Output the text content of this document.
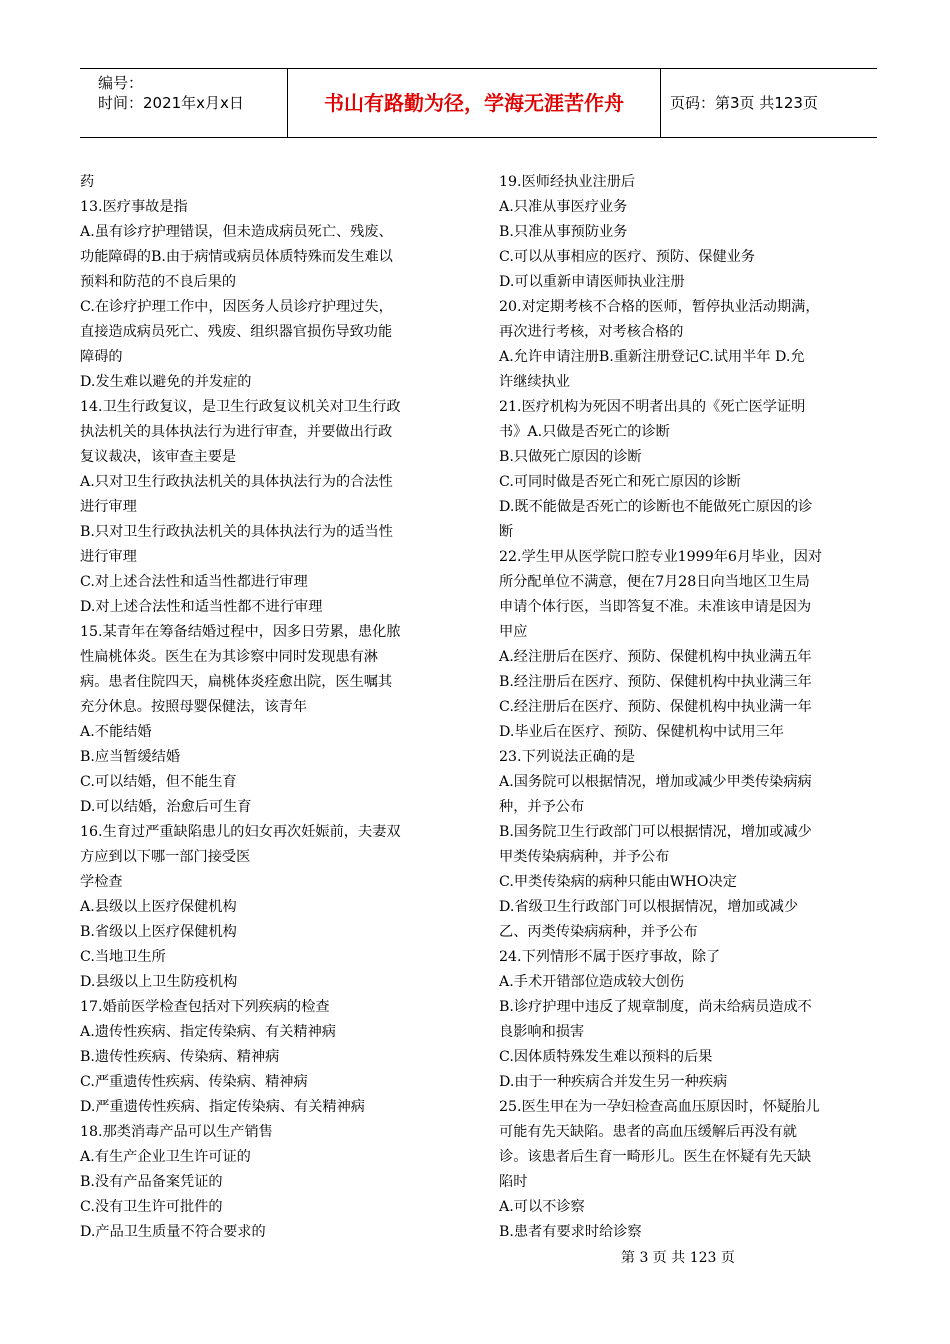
编号：
时间：2021年x月x日	书山有路勤为径，学海无涯苦作舟	页码：第3页 共123页

药

13.医疗事故是指

A.虽有诊疗护理错误，但未造成病员死亡、残废、

功能障碍的B.由于病情或病员体质特殊而发生难以

预料和防范的不良后果的

C.在诊疗护理工作中，因医务人员诊疗护理过失，

直接造成病员死亡、残废、组织器官损伤导致功能

障碍的

D.发生难以避免的并发症的

14.卫生行政复议，是卫生行政复议机关对卫生行政

执法机关的具体执法行为进行审查，并要做出行政

复议裁决，该审查主要是

A.只对卫生行政执法机关的具体执法行为的合法性

进行审理

B.只对卫生行政执法机关的具体执法行为的适当性

进行审理

C.对上述合法性和适当性都进行审理

D.对上述合法性和适当性都不进行审理

15.某青年在筹备结婚过程中，因多日劳累，患化脓

性扁桃体炎。医生在为其诊察中同时发现患有淋

病。患者住院四天，扁桃体炎痊愈出院，医生嘱其

充分休息。按照母婴保健法，该青年

A.不能结婚

B.应当暂缓结婚

C.可以结婚，但不能生育

D.可以结婚，治愈后可生育

16.生育过严重缺陷患儿的妇女再次妊娠前，夫妻双

方应到以下哪一部门接受医

学检查

A.县级以上医疗保健机构

B.省级以上医疗保健机构

C.当地卫生所

D.县级以上卫生防疫机构

17.婚前医学检查包括对下列疾病的检查

A.遗传性疾病、指定传染病、有关精神病

B.遗传性疾病、传染病、精神病

C.严重遗传性疾病、传染病、精神病

D.严重遗传性疾病、指定传染病、有关精神病

18.那类消毒产品可以生产销售

A.有生产企业卫生许可证的

B.没有产品备案凭证的

C.没有卫生许可批件的

D.产品卫生质量不符合要求的

19.医师经执业注册后

A.只准从事医疗业务

B.只准从事预防业务

C.可以从事相应的医疗、预防、保健业务

D.可以重新申请医师执业注册

20.对定期考核不合格的医师，暂停执业活动期满，

再次进行考核，对考核合格的

A.允许申请注册B.重新注册登记C.试用半年 D.允

许继续执业

21.医疗机构为死因不明者出具的《死亡医学证明

书》A.只做是否死亡的诊断

B.只做死亡原因的诊断

C.可同时做是否死亡和死亡原因的诊断

D.既不能做是否死亡的诊断也不能做死亡原因的诊

断

22.学生甲从医学院口腔专业1999年6月毕业，因对

所分配单位不满意，便在7月28日向当地区卫生局

申请个体行医，当即答复不准。未准该申请是因为

甲应

A.经注册后在医疗、预防、保健机构中执业满五年

B.经注册后在医疗、预防、保健机构中执业满三年

C.经注册后在医疗、预防、保健机构中执业满一年

D.毕业后在医疗、预防、保健机构中试用三年

23.下列说法正确的是

A.国务院可以根据情况，增加或减少甲类传染病病

种，并予公布

B.国务院卫生行政部门可以根据情况，增加或减少

甲类传染病病种，并予公布

C.甲类传染病的病种只能由WHO决定

D.省级卫生行政部门可以根据情况，增加或减少

乙、丙类传染病病种，并予公布

24.下列情形不属于医疗事故，除了

A.手术开错部位造成较大创伤

B.诊疗护理中违反了规章制度，尚未给病员造成不

良影响和损害

C.因体质特殊发生难以预料的后果

D.由于一种疾病合并发生另一种疾病

25.医生甲在为一孕妇检查高血压原因时，怀疑胎儿

可能有先天缺陷。患者的高血压缓解后再没有就

诊。该患者后生育一畸形儿。医生在怀疑有先天缺

陷时

A.可以不诊察

B.患者有要求时给诊察

第 3 页 共 123 页
